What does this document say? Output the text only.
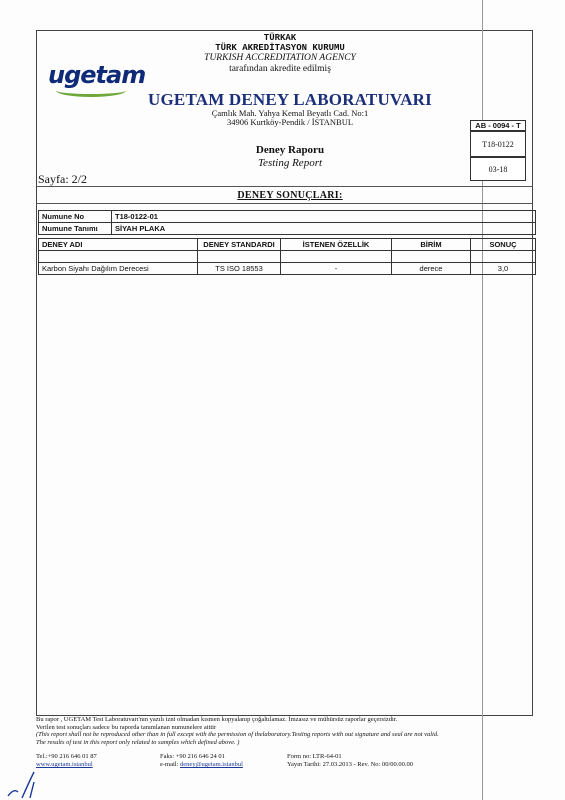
TÜRKAK
TÜRK AKREDİTASYON KURUMU
TURKISH ACCREDITATION AGENCY
tarafından akredite edilmiş
ugetam
UGETAM DENEY LABORATUVARI
Çamlık Mah. Yahya Kemal Beyatlı Cad. No:1
34906 Kurtköy-Pendik / İSTANBUL	AB - 0094 - T
T18-0122
03-18
Deney Raporu
Testing Report
Sayfa: 2/2
DENEY SONUÇLARI:
Numune No	T18-0122-01
Numune Tanımı	SİYAH PLAKA
DENEY ADI	DENEY STANDARDI	İSTENEN ÖZELLİK	BİRİM	SONUÇ

Karbon Siyahı Dağılım Derecesi	TS ISO 18553	-	derece	3,0
Bu rapor , UGETAM Test Laboratuvarı'nın yazılı izni olmadan kısmen kopyalanıp çoğaltılamaz. İmzasız ve mühürsüz raporlar geçersizdir.
Verilen test sonuçları sadece bu raporda tanımlanan numunelere aittir
(This report shall not be reproduced other than in full except with the permission of thelaboratory.Testing reports with out signature and seal are not valid.
The results of test in this report only related to samples which defined above. )
Tel.:+90 216 646 01 87
www.ugetam.istanbul
Faks: +90 216 646 24 01
e-mail: deney@ugetam.istanbul
Form no: LTR-64-01
Yayın Tarihi: 27.03.2013 - Rev. No: 00/00.00.00
